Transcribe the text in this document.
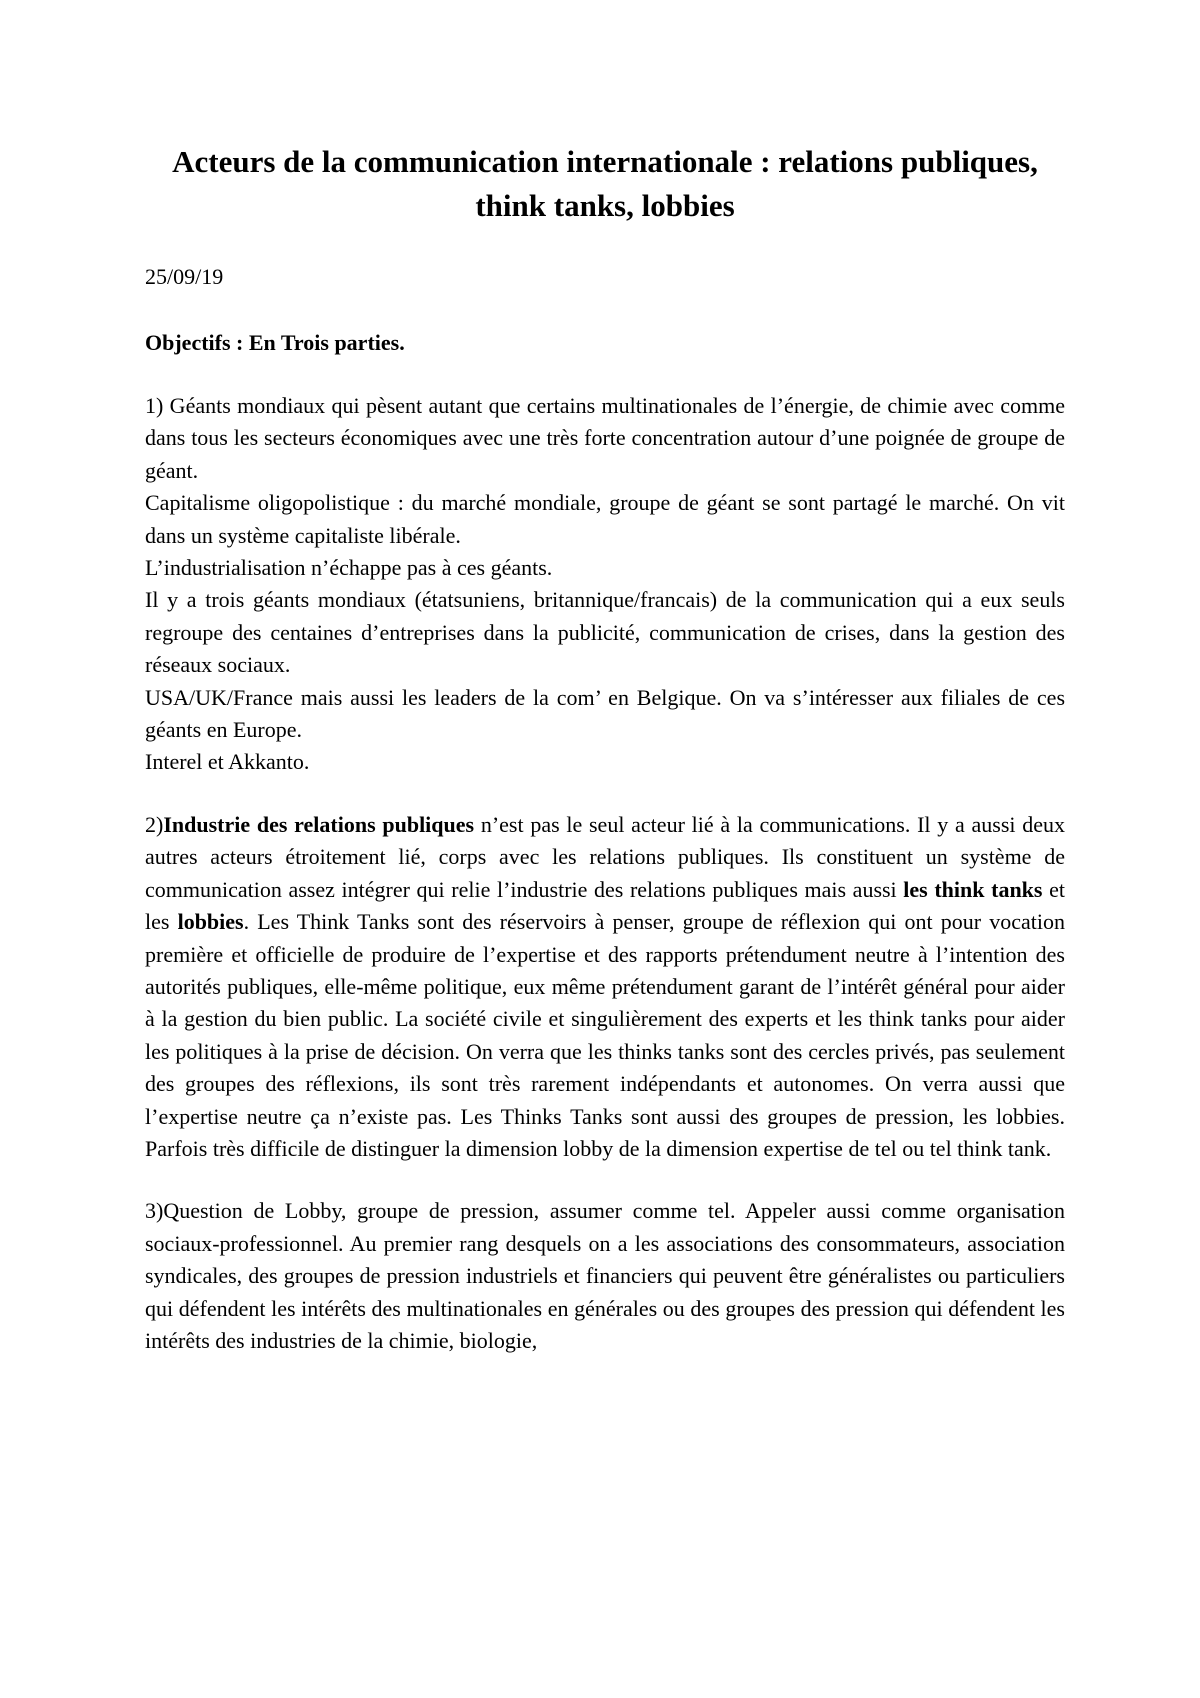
Acteurs de la communication internationale : relations publiques, think tanks, lobbies
25/09/19
Objectifs : En Trois parties.

1) Géants mondiaux qui pèsent autant que certains multinationales de l’énergie, de chimie avec comme dans tous les secteurs économiques avec une très forte concentration autour d’une poignée de groupe de géant.

Capitalisme oligopolistique : du marché mondiale, groupe de géant se sont partagé le marché. On vit dans un système capitaliste libérale.

L’industrialisation n’échappe pas à ces géants.

Il y a trois géants mondiaux (étatsuniens, britannique/francais) de la communication qui a eux seuls regroupe des centaines d’entreprises dans la publicité, communication de crises, dans la gestion des réseaux sociaux.

USA/UK/France mais aussi les leaders de la com’ en Belgique. On va s’intéresser aux filiales de ces géants en Europe.

Interel et Akkanto.

2)Industrie des relations publiques n’est pas le seul acteur lié à la communications. Il y a aussi deux autres acteurs étroitement lié, corps avec les relations publiques. Ils constituent un système de communication assez intégrer qui relie l’industrie des relations publiques mais aussi les think tanks et les lobbies. Les Think Tanks sont des réservoirs à penser, groupe de réflexion qui ont pour vocation première et officielle de produire de l’expertise et des rapports prétendument neutre à l’intention des autorités publiques, elle-même politique, eux même prétendument garant de l’intérêt général pour aider à la gestion du bien public. La société civile et singulièrement des experts et les think tanks pour aider les politiques à la prise de décision. On verra que les thinks tanks sont des cercles privés, pas seulement des groupes des réflexions, ils sont très rarement indépendants et autonomes. On verra aussi que l’expertise neutre ça n’existe pas. Les Thinks Tanks sont aussi des groupes de pression, les lobbies. Parfois très difficile de distinguer la dimension lobby de la dimension expertise de tel ou tel think tank.

3)Question de Lobby, groupe de pression, assumer comme tel. Appeler aussi comme organisation sociaux-professionnel. Au premier rang desquels on a les associations des consommateurs, association syndicales, des groupes de pression industriels et financiers qui peuvent être généralistes ou particuliers qui défendent les intérêts des multinationales en générales ou des groupes des pression qui défendent les intérêts des industries de la chimie, biologie,
